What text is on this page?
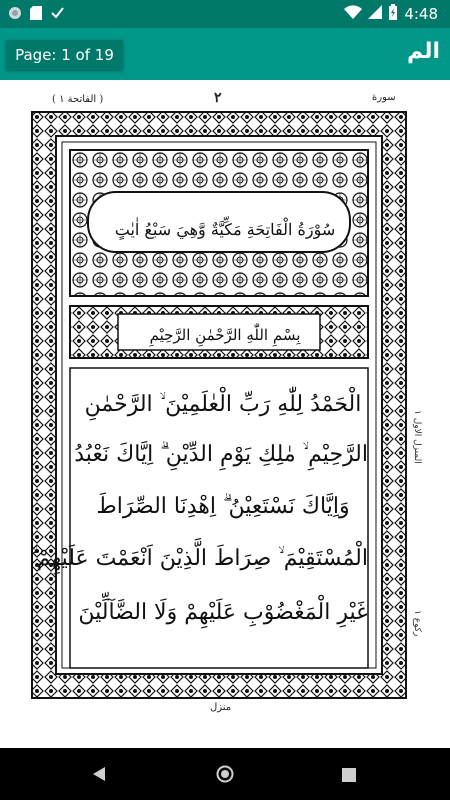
4:48
Page: 1 of 19	الم
( الفاتحة ١ )	٢	سورة
سُوْرَةُ الْفَاتِحَةِ مَكِّيَّةٌ وَّهِيَ سَبْعُ اٰيٰتٍ
بِسْمِ اللّٰهِ الرَّحْمٰنِ الرَّحِيْمِ
الْحَمْدُ لِلّٰهِ رَبِّ الْعٰلَمِيْنَ ۙ الرَّحْمٰنِ
الرَّحِيْمِ ۙ مٰلِكِ يَوْمِ الدِّيْنِ ۗ اِيَّاكَ نَعْبُدُ
وَاِيَّاكَ نَسْتَعِيْنُ ۗ اِهْدِنَا الصِّرَاطَ
الْمُسْتَقِيْمَ ۙ صِرَاطَ الَّذِيْنَ اَنْعَمْتَ عَلَيْهِمْ ۙ
غَيْرِ الْمَغْضُوْبِ عَلَيْهِمْ وَلَا الضَّآلِّيْنَ
المنزل الاول ١
ركوع ١
منزل
